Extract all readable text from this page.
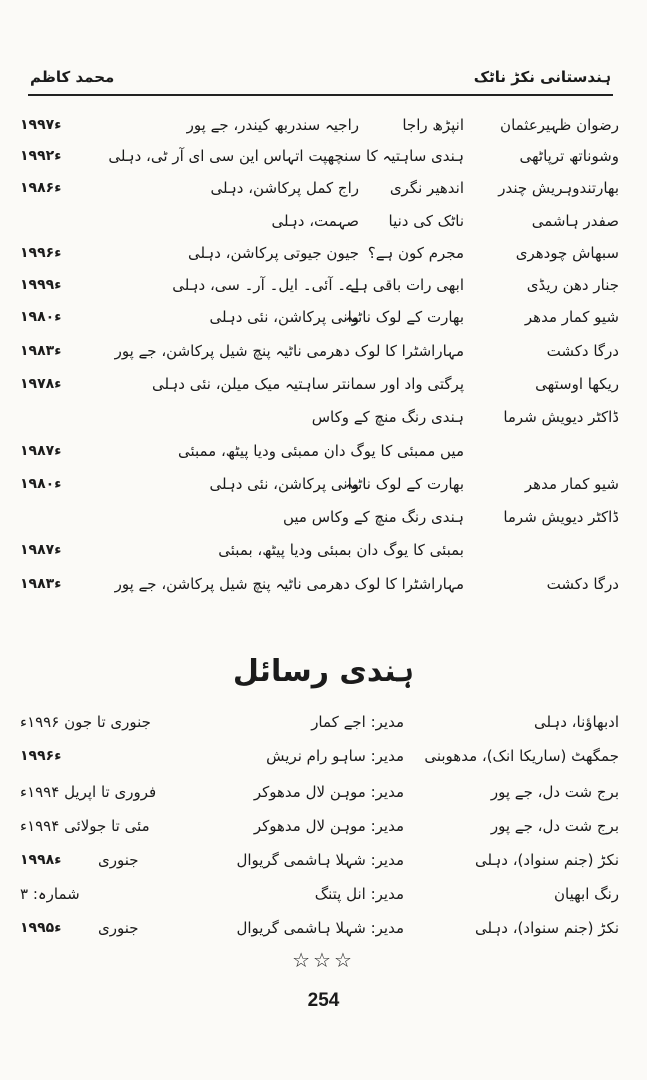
ہندستانی نکڑ ناٹک
محمد کاظم
رضوان ظہیرعثمان
انپڑھ راجا
راجیہ سندربھ کیندر، جے پور
۱۹۹۷ء
وشوناتھ ترپاٹھی
ہندی ساہتیہ کا سنچھپت اتہاس این سی ای آر ٹی، دہلی
۱۹۹۲ء
بھارتندوہریش چندر
اندھیر نگری
راج کمل پرکاشن، دہلی
۱۹۸۶ء
صفدر ہاشمی
ناٹک کی دنیا
صہمت، دہلی
سبھاش چودھری
مجرم کون ہے؟
جیون جیوتی پرکاشن، دہلی
۱۹۹۶ء
جنار دھن ریڈی
ابھی رات باقی ہے
اے۔ آئی۔ ایل۔ آر۔ سی، دہلی
۱۹۹۹ء
شیو کمار مدھر
بھارت کے لوک ناٹیہ
وانی پرکاشن، نئی دہلی
۱۹۸۰ء
درگا دکشت
مہاراشٹرا کا لوک دھرمی ناٹیہ پنچ شیل پرکاشن، جے پور
۱۹۸۳ء
ریکھا اوستھی
پرگتی واد اور سمانتر ساہتیہ میک میلن، نئی دہلی
۱۹۷۸ء
ڈاکٹر دیویش شرما
ہندی رنگ منچ کے وکاس
میں ممبئی کا یوگ دان ممبئی ودیا پیٹھ، ممبئی
۱۹۸۷ء
شیو کمار مدھر
بھارت کے لوک ناٹیہ
وانی پرکاشن، نئی دہلی
۱۹۸۰ء
ڈاکٹر دیویش شرما
ہندی رنگ منچ کے وکاس میں
بمبئی کا یوگ دان بمبئی ودیا پیٹھ، بمبئی
۱۹۸۷ء
درگا دکشت
مہاراشٹرا کا لوک دھرمی ناٹیہ پنچ شیل پرکاشن، جے پور
۱۹۸۳ء
ہندی رسائل
ادبھاؤنا، دہلی
مدیر: اجے کمار
جنوری تا جون ۱۹۹۶ء
جمگھٹ (ساریکا انک)، مدھوبنی
مدیر: ساہو رام نریش
۱۹۹۶ء
برج شت دل، جے پور
مدیر: موہن لال مدھوکر
فروری تا اپریل ۱۹۹۴ء
برج شت دل، جے پور
مدیر: موہن لال مدھوکر
مئی تا جولائی ۱۹۹۴ء
نکڑ (جنم سنواد)، دہلی
مدیر: شہلا ہاشمی گریوال
۱۹۹۸ء جنوری
رنگ ابھیان
مدیر: انل پتنگ
شمارہ: ۳
نکڑ (جنم سنواد)، دہلی
مدیر: شہلا ہاشمی گریوال
۱۹۹۵ء جنوری
☆☆☆
254
